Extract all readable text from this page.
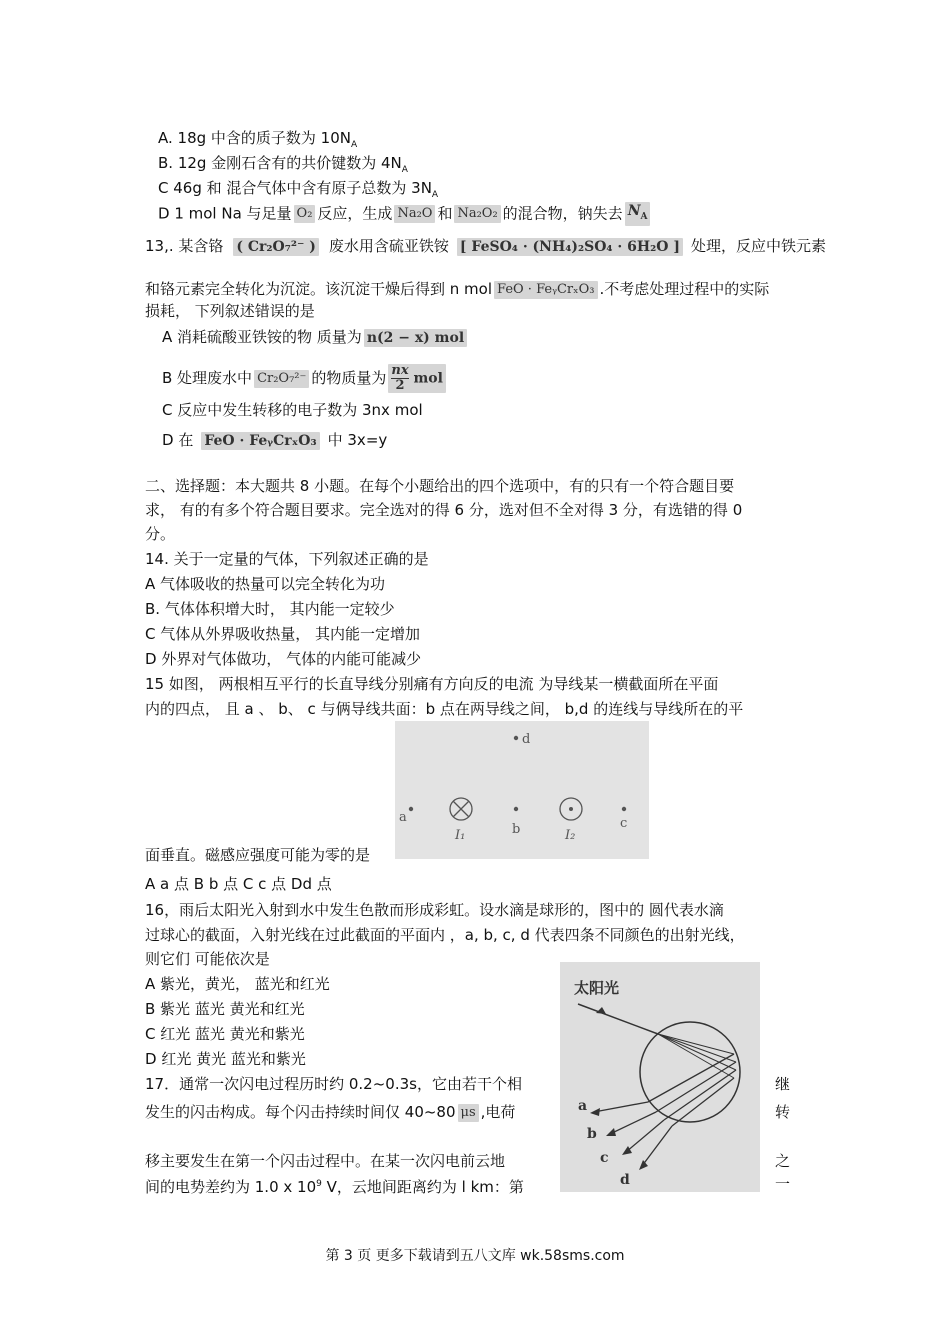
A. 18g 中含的质子数为 $10N_A$
B. 12g 金刚石含有的共价键数为 $4N_A$
C 46g 和 混合气体中含有原子总数为 $3N_A$
D 1 mol Na 与足量 O₂ 反应，生成 Na₂O 和 Na₂O₂ 的混合物，钠失去 $N_A$
13,. 某含铬 ( Cr₂O₇²⁻ ) 废水用含硫亚铁铵 [ FeSO₄ · (NH₄)₂SO₄ · 6H₂O ] 处理，反应中铁元素
和铬元素完全转化为沉淀。该沉淀干燥后得到 n mol FeO · FeᵧCrₓO₃ .不考虑处理过程中的实际
损耗， 下列叙述错误的是
A 消耗硫酸亚铁铵的物 质量为 n(2 − x) mol
B 处理废水中 Cr₂O₇²⁻ 的物质量为 $\frac{nx}{2}$ mol
C 反应中发生转移的电子数为 3nx mol
D 在 FeO · FeᵧCrₓO₃ 中 3x=y
二、选择题：本大题共 8 小题。在每个小题给出的四个选项中，有的只有一个符合题目要
求， 有的有多个符合题目要求。完全选对的得 6 分，选对但不全对得 3 分，有选错的得 0
分。
14. 关于一定量的气体，下列叙述正确的是
A 气体吸收的热量可以完全转化为功
B. 气体体积增大时， 其内能一定较少
C 气体从外界吸收热量， 其内能一定增加
D 外界对气体做功， 气体的内能可能减少
15 如图， 两根相互平行的长直导线分别痛有方向反的电流 为导线某一横截面所在平面
内的四点， 且 a 、 b、 c 与俩导线共面：b 点在两导线之间， b,d 的连线与导线所在的平
面垂直。磁感应强度可能为零的是
d
a
I₁	b	I₂
c
A a 点 B b 点 C c 点 Dd 点
16，雨后太阳光入射到水中发生色散而形成彩虹。设水滴是球形的，图中的 圆代表水滴
过球心的截面，入射光线在过此截面的平面内 ，a, b, c, d 代表四条不同颜色的出射光线，
则它们 可能依次是
A 紫光，黄光， 蓝光和红光
B 紫光 蓝光 黄光和红光
C 红光 蓝光 黄光和紫光
D 红光 黄光 蓝光和紫光
太阳光
a
b
c
d
17．通常一次闪电过程历时约 0.2~0.3s，它由若干个相	继
发生的闪击构成。每个闪击持续时间仅 40~80 μs ,电荷	转
移主要发生在第一个闪击过程中。在某一次闪电前云地	之
间的电势差约为 1.0 x $10^9$ V，云地间距离约为 l km：第	一
第 3 页 更多下载请到五八文库 wk.58sms.com
